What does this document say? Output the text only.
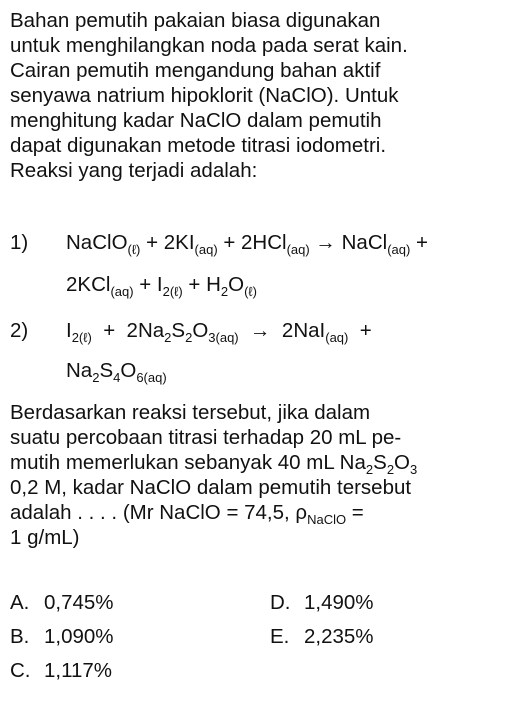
Bahan pemutih pakaian biasa digunakan
untuk menghilangkan noda pada serat kain.
Cairan pemutih mengandung bahan aktif
senyawa natrium hipoklorit (NaClO). Untuk
menghitung kadar NaClO dalam pemutih
dapat digunakan metode titrasi iodometri.
Reaksi yang terjadi adalah:

1) NaClO$_{(\ell)}$ + $2KI_{(aq)} + 2HCl_{(aq)}$ → NaCl$_{(aq)}$ +
$2KCl_{(aq)} + I_{2(\ell)} + H_2O_{(\ell)}$
2) $I_{2(\ell)} + 2Na_2S_2O_{3(aq)} \to 2NaI_{(aq)}$  +
$Na_2S_4O_{6(aq)}$
Berdasarkan reaksi tersebut, jika dalam
suatu percobaan titrasi terhadap 20 mL pe-
mutih memerlukan sebanyak 40 mL $Na_2S_2O_3$
0,2 M, kadar NaClO dalam pemutih tersebut
adalah . . . . (Mr NaClO = 74,5, $\rho_{NaClO}$ =
1 g/mL)
A. 0,745%
B. 1,090%
C. 1,117%
D. 1,490%
E. 2,235%
